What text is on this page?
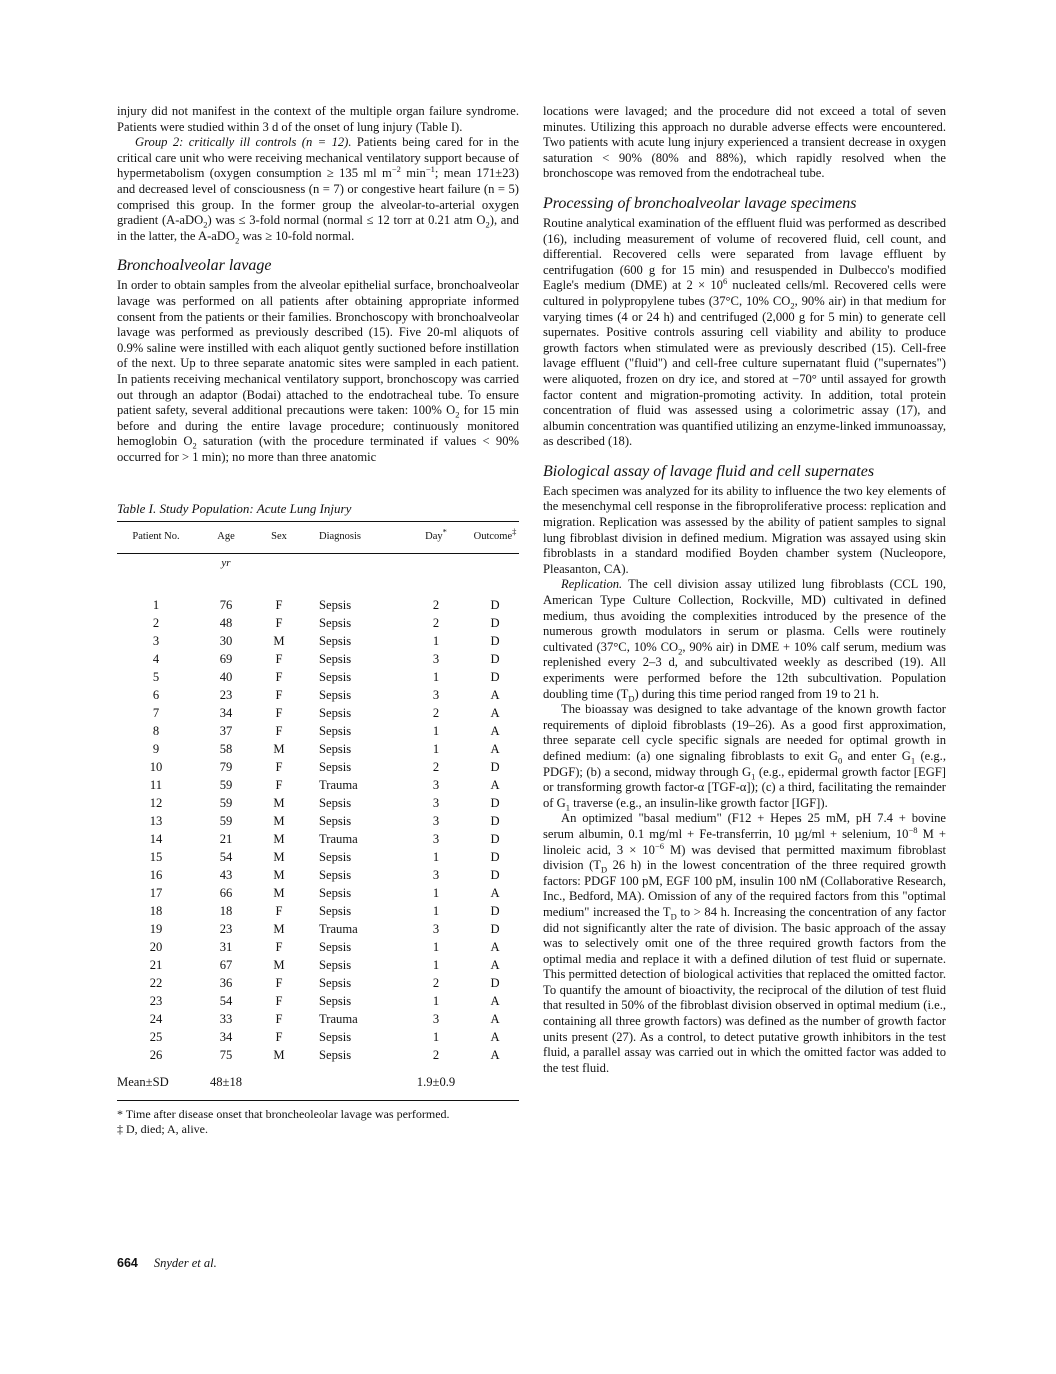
injury did not manifest in the context of the multiple organ failure syndrome. Patients were studied within 3 d of the onset of lung injury (Table I).

Group 2: critically ill controls (n = 12). Patients being cared for in the critical care unit who were receiving mechanical ventilatory support because of hypermetabolism (oxygen consumption ≥ 135 ml $m^{-2}$ $\min^{-1}$; mean 171±23) and decreased level of consciousness (n = 7) or congestive heart failure (n = 5) comprised this group. In the former group the alveolar-to-arterial oxygen gradient (A-aDO$_2$) was ≤ 3-fold normal (normal ≤ 12 torr at 0.21 atm $O_2$), and in the latter, the A-aDO$_2$ was ≥ 10-fold normal.

Bronchoalveolar lavage

In order to obtain samples from the alveolar epithelial surface, bronchoalveolar lavage was performed on all patients after obtaining appropriate informed consent from the patients or their families. Bronchoscopy with bronchoalveolar lavage was performed as previously described (15). Five 20-ml aliquots of 0.9% saline were instilled with each aliquot gently suctioned before instillation of the next. Up to three separate anatomic sites were sampled in each patient. In patients receiving mechanical ventilatory support, bronchoscopy was carried out through an adaptor (Bodai) attached to the endotracheal tube. To ensure patient safety, several additional precautions were taken: 100% $O_2$ for 15 min before and during the entire lavage procedure; continuously monitored hemoglobin $O_2$ saturation (with the procedure terminated if values < 90% occurred for > 1 min); no more than three anatomic

Table I. Study Population: Acute Lung Injury
Patient No.	Age	Sex	Diagnosis	Day*	Outcome‡
	yr				

1	76	F	Sepsis	2	D
2	48	F	Sepsis	2	D
3	30	M	Sepsis	1	D
4	69	F	Sepsis	3	D
5	40	F	Sepsis	1	D
6	23	F	Sepsis	3	A
7	34	F	Sepsis	2	A
8	37	F	Sepsis	1	A
9	58	M	Sepsis	1	A
10	79	F	Sepsis	2	D
11	59	F	Trauma	3	A
12	59	M	Sepsis	3	D
13	59	M	Sepsis	3	D
14	21	M	Trauma	3	D
15	54	M	Sepsis	1	D
16	43	M	Sepsis	3	D
17	66	M	Sepsis	1	A
18	18	F	Sepsis	1	D
19	23	M	Trauma	3	D
20	31	F	Sepsis	1	A
21	67	M	Sepsis	1	A
22	36	F	Sepsis	2	D
23	54	F	Sepsis	1	A
24	33	F	Trauma	3	A
25	34	F	Sepsis	1	A
26	75	M	Sepsis	2	A
Mean±SD	48±18			1.9±0.9	
* Time after disease onset that broncheoleolar lavage was performed.
‡ D, died; A, alive.

locations were lavaged; and the procedure did not exceed a total of seven minutes. Utilizing this approach no durable adverse effects were encountered. Two patients with acute lung injury experienced a transient decrease in oxygen saturation < 90% (80% and 88%), which rapidly resolved when the bronchoscope was removed from the endotracheal tube.

Processing of bronchoalveolar lavage specimens

Routine analytical examination of the effluent fluid was performed as described (16), including measurement of volume of recovered fluid, cell count, and differential. Recovered cells were separated from lavage effluent by centrifugation (600 g for 15 min) and resuspended in Dulbecco's modified Eagle's medium (DME) at $2 \times 10^6$ nucleated cells/ml. Recovered cells were cultured in polypropylene tubes (37°C, 10% $CO_2$, 90% air) in that medium for varying times (4 or 24 h) and centrifuged (2,000 g for 5 min) to generate cell supernates. Positive controls assuring cell viability and ability to produce growth factors when stimulated were as previously described (15). Cell-free lavage effluent ("fluid") and cell-free culture supernatant fluid ("supernates") were aliquoted, frozen on dry ice, and stored at −70° until assayed for growth factor content and migration-promoting activity. In addition, total protein concentration of fluid was assessed using a colorimetric assay (17), and albumin concentration was quantified utilizing an enzyme-linked immunoassay, as described (18).

Biological assay of lavage fluid and cell supernates

Each specimen was analyzed for its ability to influence the two key elements of the mesenchymal cell response in the fibroproliferative process: replication and migration. Replication was assessed by the ability of patient samples to signal lung fibroblast division in defined medium. Migration was assayed using skin fibroblasts in a standard modified Boyden chamber system (Nucleopore, Pleasanton, CA).

Replication. The cell division assay utilized lung fibroblasts (CCL 190, American Type Culture Collection, Rockville, MD) cultivated in defined medium, thus avoiding the complexities introduced by the presence of the numerous growth modulators in serum or plasma. Cells were routinely cultivated (37°C, 10% $CO_2$, 90% air) in DME + 10% calf serum, medium was replenished every 2–3 d, and subcultivated weekly as described (19). All experiments were performed before the 12th subcultivation. Population doubling time $(T_D)$ during this time period ranged from 19 to 21 h.

The bioassay was designed to take advantage of the known growth factor requirements of diploid fibroblasts (19–26). As a good first approximation, three separate cell cycle specific signals are needed for optimal growth in defined medium: (a) one signaling fibroblasts to exit $G_0$ and enter $G_1$ (e.g., PDGF); (b) a second, midway through $G_1$ (e.g., epidermal growth factor [EGF] or transforming growth factor-α [TGF-α]); (c) a third, facilitating the remainder of $G_1$ traverse (e.g., an insulin-like growth factor [IGF]).

An optimized "basal medium" (F12 + Hepes 25 mM, pH 7.4 + bovine serum albumin, 0.1 mg/ml + Fe-transferrin, 10 µg/ml + selenium, $10^{-8}$ M + linoleic acid, $3 \times 10^{-6}$ M) was devised that permitted maximum fibroblast division ($T_D$ 26 h) in the lowest concentration of the three required growth factors: PDGF 100 pM, EGF 100 pM, insulin 100 nM (Collaborative Research, Inc., Bedford, MA). Omission of any of the required factors from this "optimal medium" increased the $T_D$ to > 84 h. Increasing the concentration of any factor did not significantly alter the rate of division. The basic approach of the assay was to selectively omit one of the three required growth factors from the optimal media and replace it with a defined dilution of test fluid or supernate. This permitted detection of biological activities that replaced the omitted factor. To quantify the amount of bioactivity, the reciprocal of the dilution of test fluid that resulted in 50% of the fibroblast division observed in optimal medium (i.e., containing all three growth factors) was defined as the number of growth factor units present (27). As a control, to detect putative growth inhibitors in the test fluid, a parallel assay was carried out in which the omitted factor was added to the test fluid.

664 Snyder et al.
